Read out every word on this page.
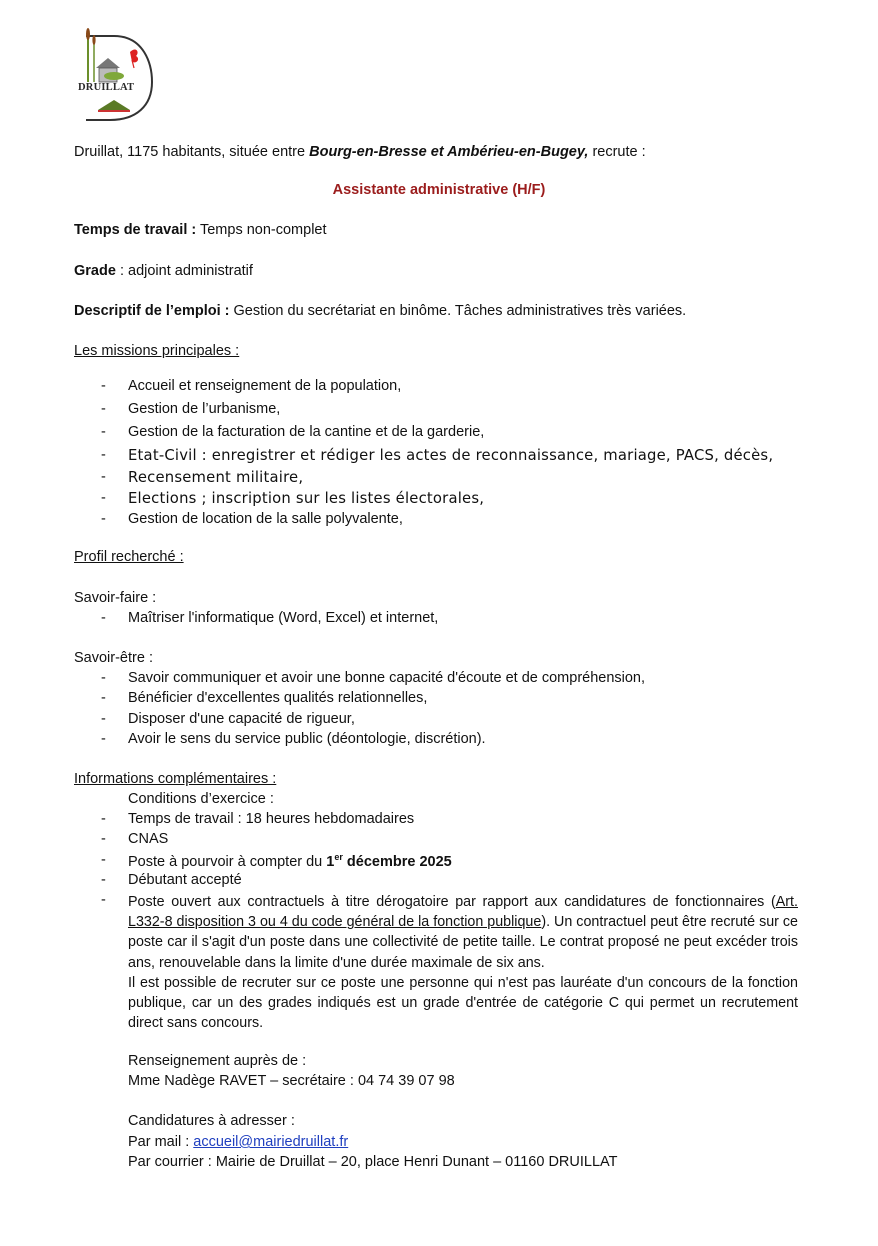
DRUILLAT
Druillat, 1175 habitants, située entre Bourg-en-Bresse et Ambérieu-en-Bugey, recrute :
Assistante administrative (H/F)
Temps de travail : Temps non-complet
Grade : adjoint administratif
Descriptif de l’emploi : Gestion du secrétariat en binôme. Tâches administratives très variées.
Les missions principales :
- Accueil et renseignement de la population,
- Gestion de l’urbanisme,
- Gestion de la facturation de la cantine et de la garderie,
- Etat-Civil : enregistrer et rédiger les actes de reconnaissance, mariage, PACS, décès,
- Recensement militaire,
- Elections ; inscription sur les listes électorales,
- Gestion de location de la salle polyvalente,
Profil recherché :
Savoir-faire :
- Maîtriser l'informatique (Word, Excel) et internet,
Savoir-être :
- Savoir communiquer et avoir une bonne capacité d'écoute et de compréhension,
- Bénéficier d'excellentes qualités relationnelles,
- Disposer d'une capacité de rigueur,
- Avoir le sens du service public (déontologie, discrétion).
Informations complémentaires :
Conditions d’exercice :
- Temps de travail : 18 heures hebdomadaires
- CNAS
- Poste à pourvoir à compter du 1er décembre 2025
- Débutant accepté
- Poste ouvert aux contractuels à titre dérogatoire par rapport aux candidatures de fonctionnaires (Art. L332-8 disposition 3 ou 4 du code général de la fonction publique). Un contractuel peut être recruté sur ce poste car il s'agit d'un poste dans une collectivité de petite taille. Le contrat proposé ne peut excéder trois ans, renouvelable dans la limite d'une durée maximale de six ans.
Il est possible de recruter sur ce poste une personne qui n'est pas lauréate d'un concours de la fonction publique, car un des grades indiqués est un grade d'entrée de catégorie C qui permet un recrutement direct sans concours.
Renseignement auprès de :
Mme Nadège RAVET – secrétaire : 04 74 39 07 98
Candidatures à adresser :
Par mail : accueil@mairiedruillat.fr
Par courrier : Mairie de Druillat – 20, place Henri Dunant – 01160 DRUILLAT
